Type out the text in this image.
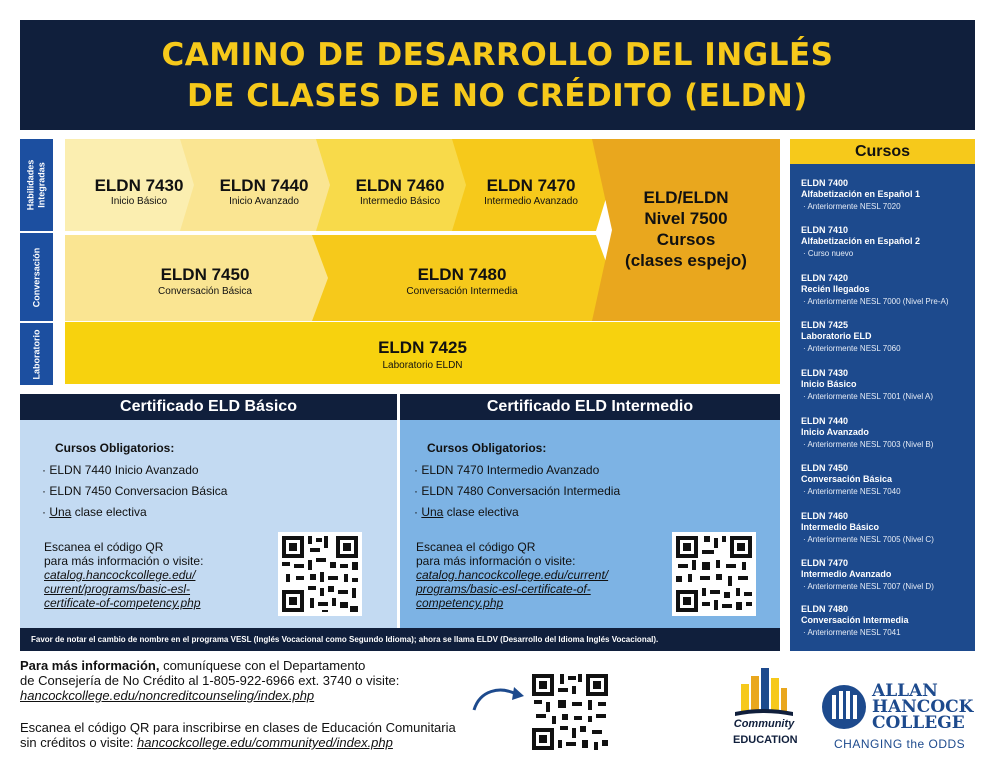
CAMINO DE DESARROLLO DEL INGLÉS
DE CLASES DE NO CRÉDITO (ELDN)
Habilidades
Integradas
Conversación
Laboratorio
ELDN 7430
Inicio Básico
ELDN 7440
Inicio Avanzado
ELDN 7460
Intermedio Básico
ELDN 7470
Intermedio Avanzado
ELDN 7450
Conversación Básica
ELDN 7480
Conversación Intermedia
ELD/ELDN
Nivel 7500
Cursos
(clases espejo)
ELDN 7425
Laboratorio ELDN
Cursos
ELDN 7400
Alfabetización en Español 1
· Anteriormente NESL 7020
ELDN 7410
Alfabetización en Español 2
· Curso nuevo
ELDN 7420
Recién llegados
· Anteriormente NESL 7000 (Nivel Pre-A)
ELDN 7425
Laboratorio ELD
· Anteriormente NESL 7060
ELDN 7430
Inicio Básico
· Anteriormente NESL 7001 (Nivel A)
ELDN 7440
Inicio Avanzado
· Anteriormente NESL 7003 (Nivel B)
ELDN 7450
Conversación Básica
· Anteriormente NESL 7040
ELDN 7460
Intermedio Básico
· Anteriormente NESL 7005 (Nivel C)
ELDN 7470
Intermedio Avanzado
· Anteriormente NESL 7007 (Nivel D)
ELDN 7480
Conversación Intermedia
· Anteriormente NESL 7041
Certificado ELD Básico
Cursos Obligatorios:
· ELDN 7440 Inicio Avanzado
· ELDN 7450 Conversacion Básica
· Una clase electiva
Escanea el código QR
para más información o visite:
catalog.hancockcollege.edu/
current/programs/basic-esl-
certificate-of-competency.php
Certificado ELD Intermedio
Cursos Obligatorios:
· ELDN 7470 Intermedio Avanzado
· ELDN 7480 Conversación Intermedia
· Una clase electiva
Escanea el código QR
para más información o visite:
catalog.hancockcollege.edu/current/
programs/basic-esl-certificate-of-
competency.php
Favor de notar el cambio de nombre en el programa VESL (Inglés Vocacional como Segundo Idioma); ahora se llama ELDV (Desarrollo del Idioma Inglés Vocacional).
Para más información, comuníquese con el Departamento
de Consejería de No Crédito al 1-805-922-6966 ext. 3740 o visite:
hancockcollege.edu/noncreditcounseling/index.php
Escanea el código QR para inscribirse en clases de Educación Comunitaria
sin créditos o visite: hancockcollege.edu/communityed/index.php
Community
EDUCATION
ALLAN
HANCOCK
COLLEGE
CHANGING the ODDS
